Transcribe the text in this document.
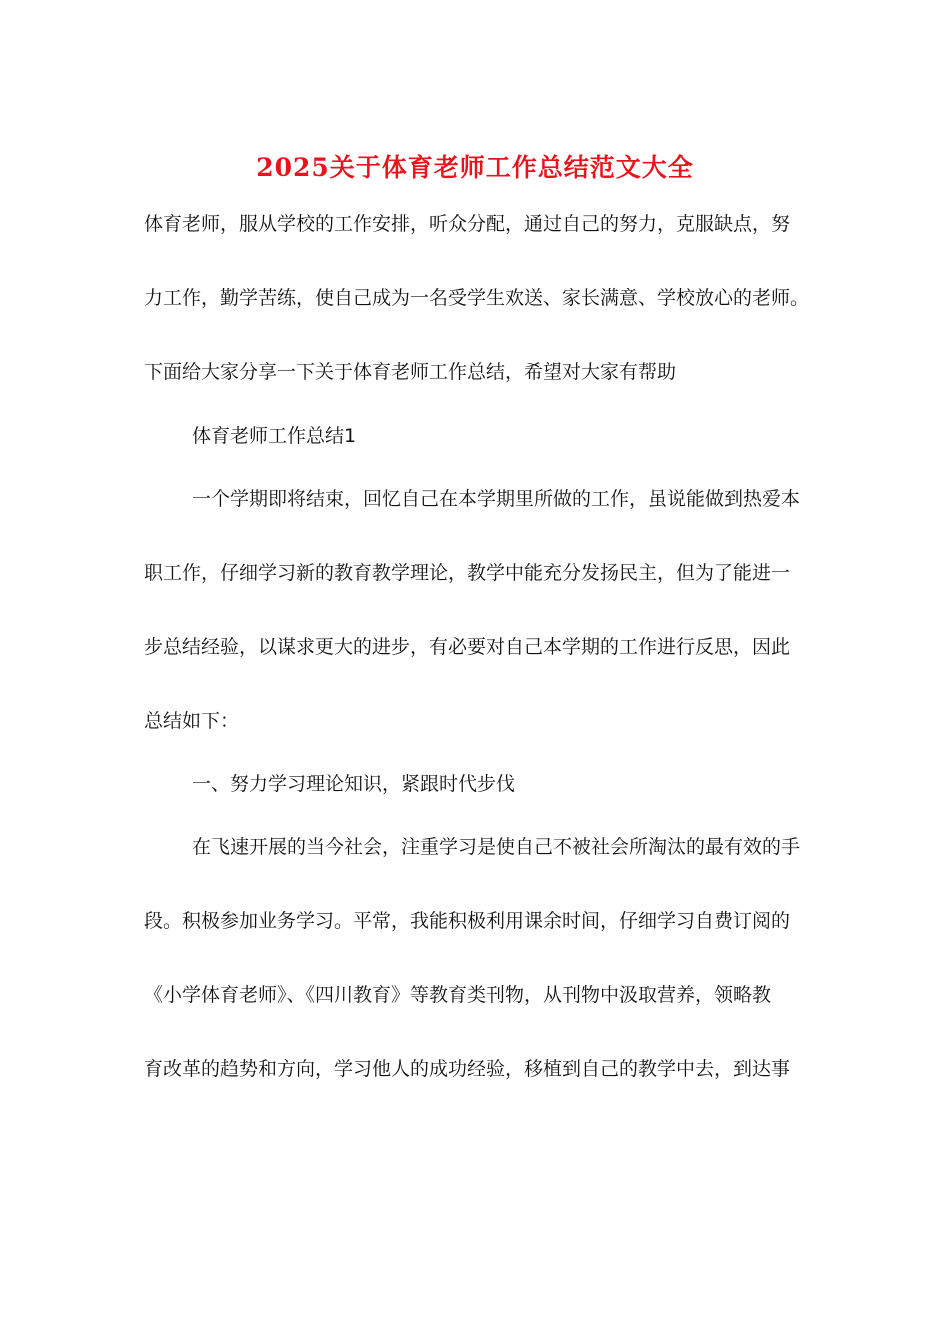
2025关于体育老师工作总结范文大全
体育老师，服从学校的工作安排，听众分配，通过自己的努力，克服缺点，努
力工作，勤学苦练，使自己成为一名受学生欢送、家长满意、学校放心的老师。
下面给大家分享一下关于体育老师工作总结，希望对大家有帮助
体育老师工作总结1
一个学期即将结束，回忆自己在本学期里所做的工作，虽说能做到热爱本
职工作，仔细学习新的教育教学理论，教学中能充分发扬民主，但为了能进一
步总结经验，以谋求更大的进步，有必要对自己本学期的工作进行反思，因此
总结如下：
一、努力学习理论知识，紧跟时代步伐
在飞速开展的当今社会，注重学习是使自己不被社会所淘汰的最有效的手
段。积极参加业务学习。平常，我能积极利用课余时间，仔细学习自费订阅的
《小学体育老师》、《四川教育》等教育类刊物，从刊物中汲取营养，领略教
育改革的趋势和方向，学习他人的成功经验，移植到自己的教学中去，到达事
